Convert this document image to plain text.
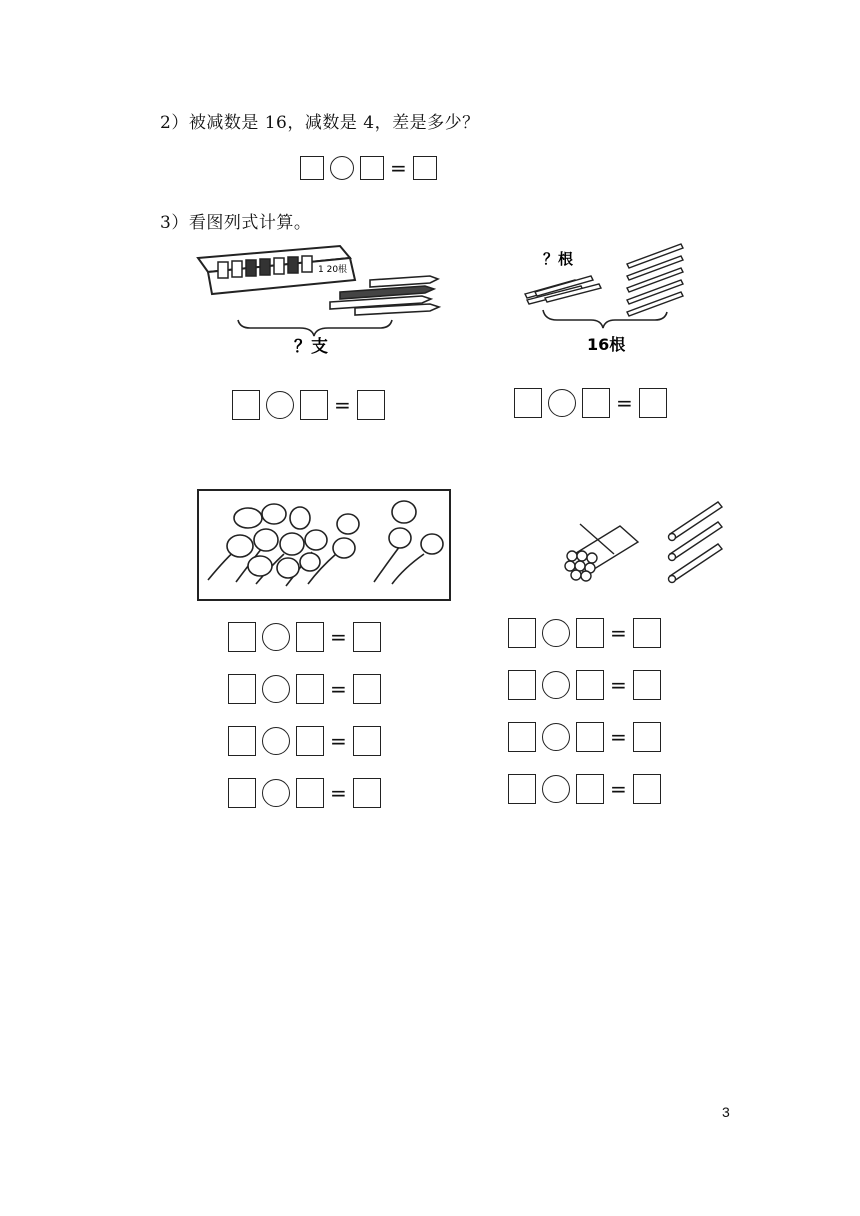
2）被减数是 16，减数是 4，差是多少？
=
3）看图列式计算。
1 20根
？支
？根
16根
=	=
=
=
=
=
=
=
=
=
3
